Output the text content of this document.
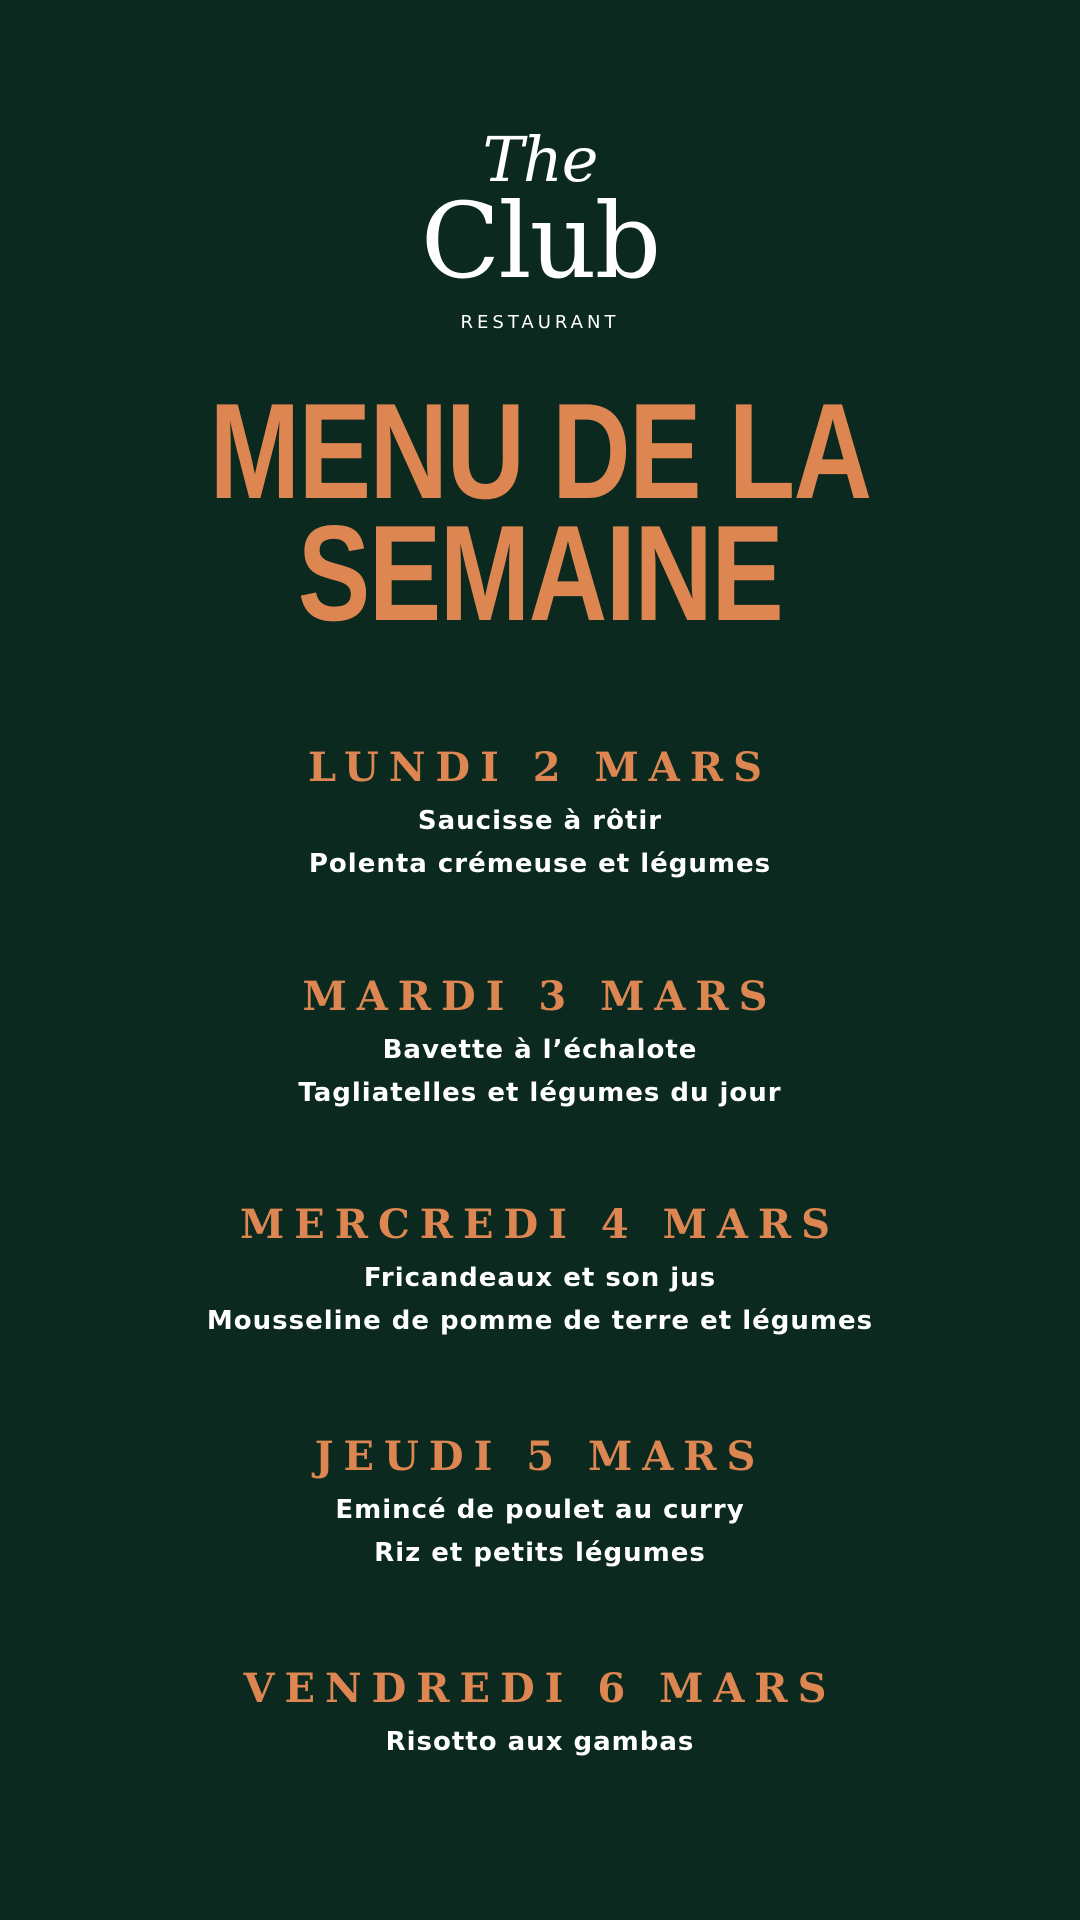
The
Club
RESTAURANT
MENU DE LA
SEMAINE
LUNDI 2 MARS
Saucisse à rôtir
Polenta crémeuse et légumes
MARDI 3 MARS
Bavette à l’échalote
Tagliatelles et légumes du jour
MERCREDI 4 MARS
Fricandeaux et son jus
Mousseline de pomme de terre et légumes
JEUDI 5 MARS
Emincé de poulet au curry
Riz et petits légumes
VENDREDI 6 MARS
Risotto aux gambas
